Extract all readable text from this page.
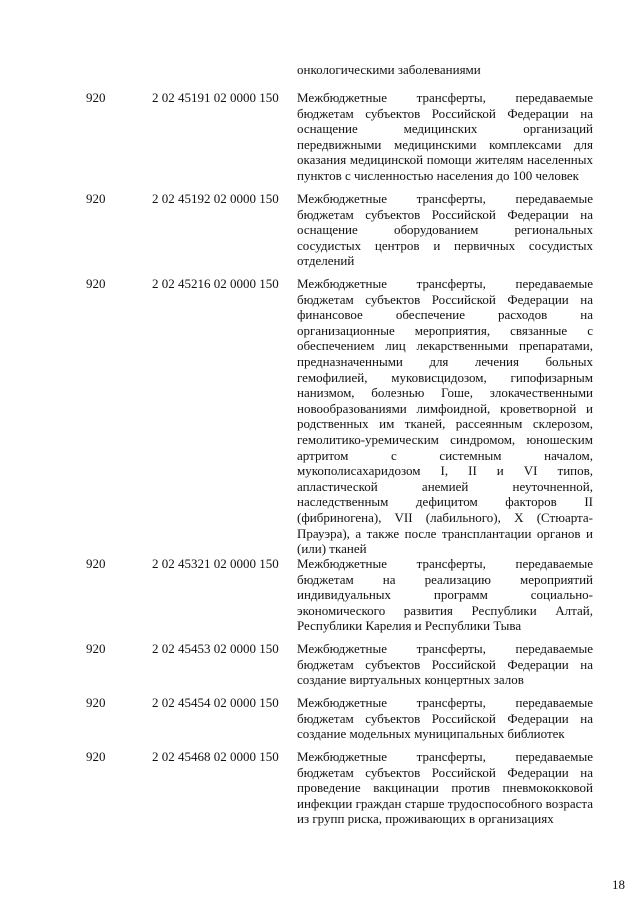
онкологическими заболеваниями
920	2 02 45191 02 0000 150 Межбюджетные трансферты, передаваемые бюджетам субъектов Российской Федерации на оснащение медицинских организаций передвижными медицинскими комплексами для оказания медицинской помощи жителям населенных пунктов с численностью населения до 100 человек
920	2 02 45192 02 0000 150 Межбюджетные трансферты, передаваемые бюджетам субъектов Российской Федерации на оснащение оборудованием региональных сосудистых центров и первичных сосудистых отделений
920	2 02 45216 02 0000 150 Межбюджетные трансферты, передаваемые бюджетам субъектов Российской Федерации на финансовое обеспечение расходов на организационные мероприятия, связанные с обеспечением лиц лекарственными препаратами, предназначенными для лечения больных гемофилией, муковисцидозом, гипофизарным нанизмом, болезнью Гоше, злокачественными новообразованиями лимфоидной, кроветворной и родственных им тканей, рассеянным склерозом, гемолитико-уремическим синдромом, юношеским артритом с системным началом, мукополисахаридозом I, II и VI типов, апластической анемией неуточненной, наследственным дефицитом факторов II (фибриногена), VII (лабильного), X (Стюарта-Прауэра), а также после трансплантации органов и (или) тканей
920	2 02 45321 02 0000 150 Межбюджетные трансферты, передаваемые бюджетам на реализацию мероприятий индивидуальных программ социально-экономического развития Республики Алтай, Республики Карелия и Республики Тыва
920	2 02 45453 02 0000 150 Межбюджетные трансферты, передаваемые бюджетам субъектов Российской Федерации на создание виртуальных концертных залов
920	2 02 45454 02 0000 150 Межбюджетные трансферты, передаваемые бюджетам субъектов Российской Федерации на создание модельных муниципальных библиотек
920	2 02 45468 02 0000 150 Межбюджетные трансферты, передаваемые бюджетам субъектов Российской Федерации на проведение вакцинации против пневмококковой инфекции граждан старше трудоспособного возраста из групп риска, проживающих в организациях
18
